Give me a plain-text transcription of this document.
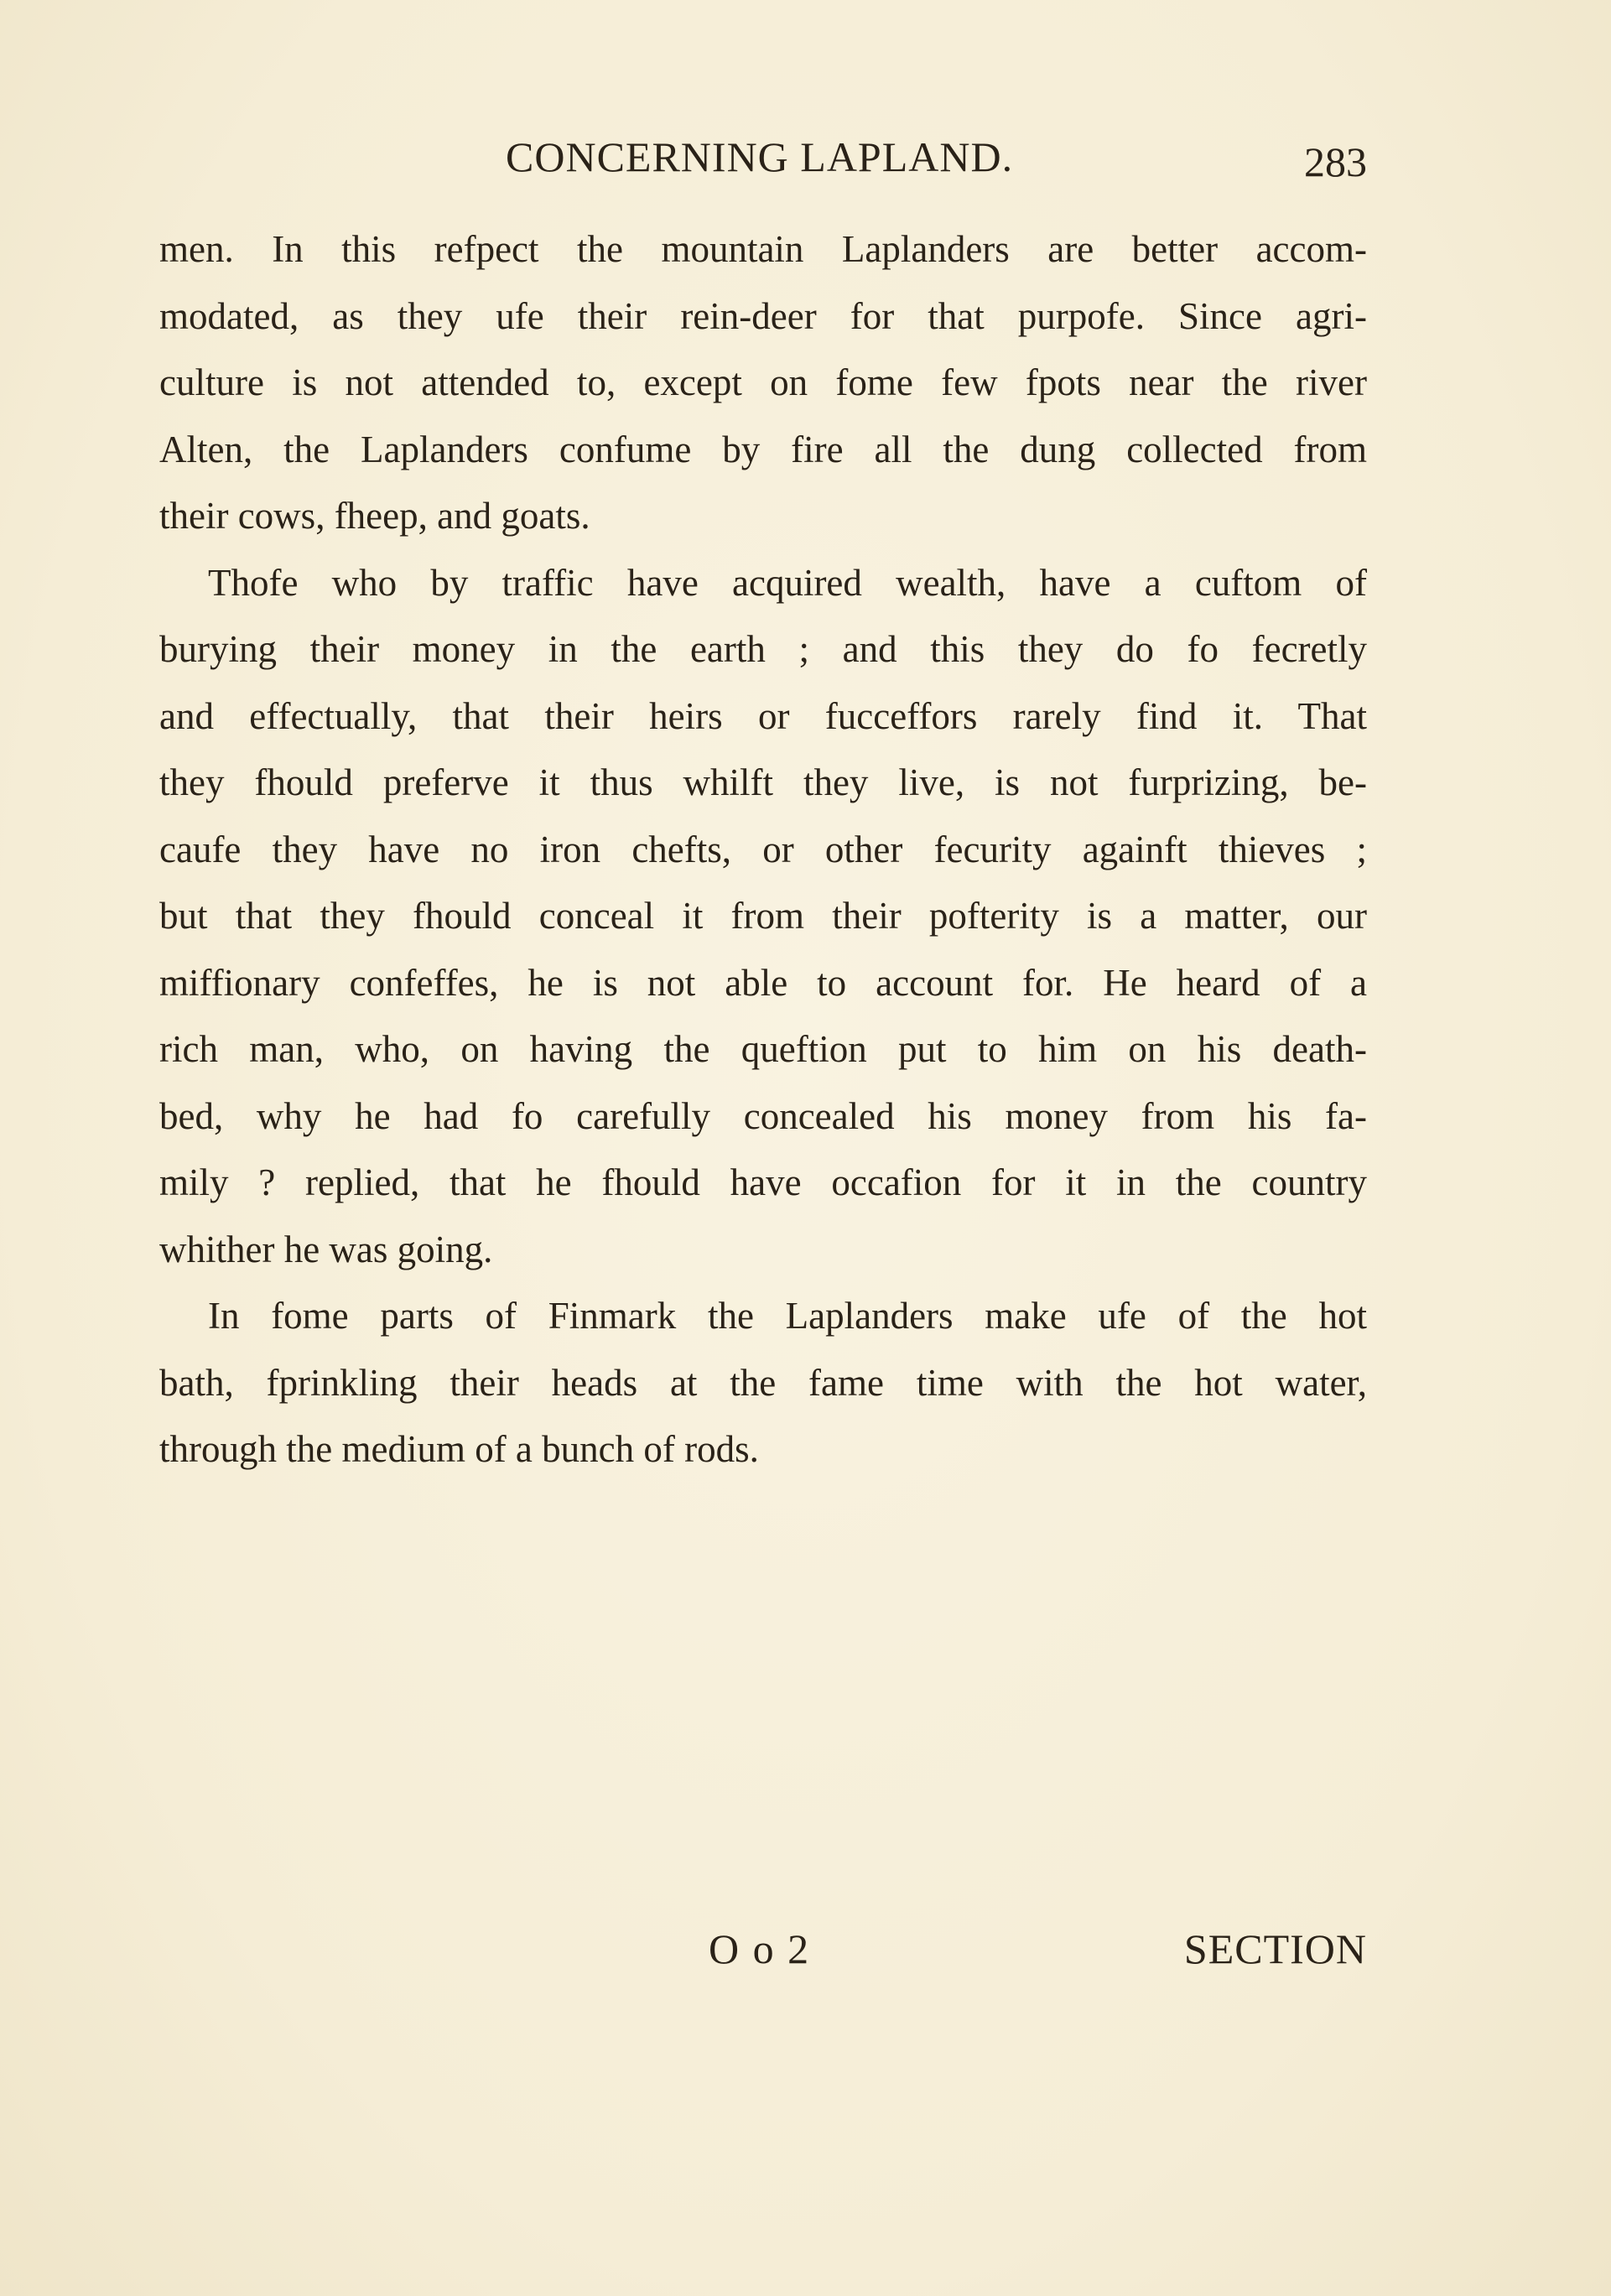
CONCERNING LAPLAND.	283
men. In this refpect the mountain Laplanders are better accom-
modated, as they ufe their rein-deer for that purpofe. Since agri-
culture is not attended to, except on fome few fpots near the river
Alten, the Laplanders confume by fire all the dung collected from
their cows, fheep, and goats.
Thofe who by traffic have acquired wealth, have a cuftom of
burying their money in the earth ; and this they do fo fecretly
and effectually, that their heirs or fucceffors rarely find it. That
they fhould preferve it thus whilft they live, is not furprizing, be-
caufe they have no iron chefts, or other fecurity againft thieves ;
but that they fhould conceal it from their pofterity is a matter, our
miffionary confeffes, he is not able to account for. He heard of a
rich man, who, on having the queftion put to him on his death-
bed, why he had fo carefully concealed his money from his fa-
mily ? replied, that he fhould have occafion for it in the country
whither he was going.
In fome parts of Finmark the Laplanders make ufe of the hot
bath, fprinkling their heads at the fame time with the hot water,
through the medium of a bunch of rods.
O o 2	SECTION
